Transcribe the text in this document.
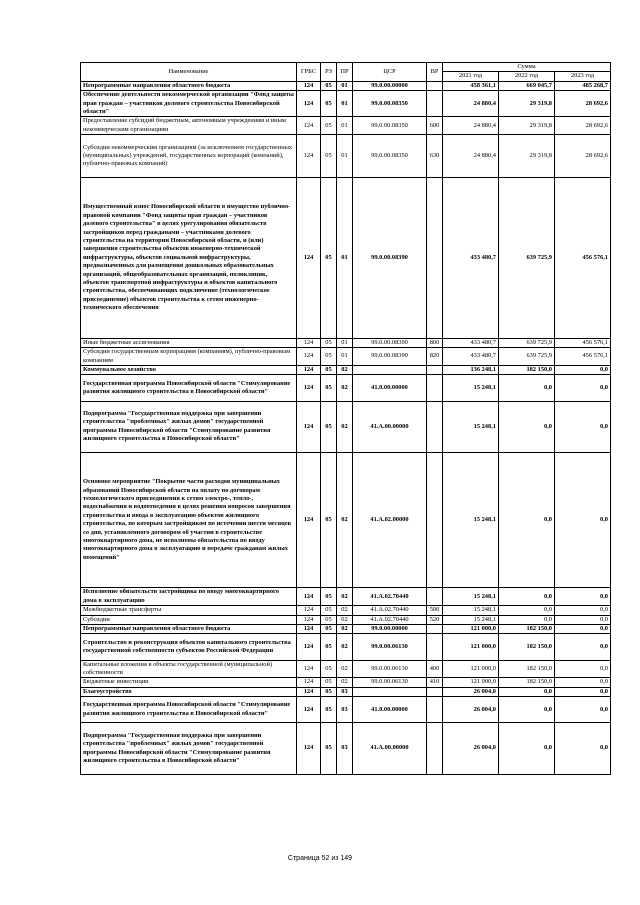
Наименование	ГРБС	РЗ	ПР	ЦСР	ВР	Сумма		
						2021 год	2022 год	2023 год
Непрограммные направления областного бюджета	124	05	01	99.0.00.00000		458 361,1	669 045,7	485 268,7
Обеспечение деятельности некоммерческой организации "Фонд защиты прав граждан – участников долевого строительства Новосибирской области"	124	05	01	99.0.00.08350		24 880,4	29 319,8	28 692,6
Предоставление субсидий бюджетным, автономным учреждениям и иным некоммерческим организациям	124	05	01	99.0.00.08350	600	24 880,4	29 319,8	28 692,6
Субсидии некоммерческим организациям (за исключением государственных (муниципальных) учреждений, государственных корпораций (компаний), публично-правовых компаний)	124	05	01	99.0.00.08350	630	24 880,4	29 319,8	28 692,6
Имущественный взнос Новосибирской области в имущество публично-правовой компании "Фонд защиты прав граждан – участников долевого строительства" в целях урегулирования обязательств застройщиков перед гражданами – участниками долевого строительства на территории Новосибирской области, и (или) завершения строительства объектов инженерно-технической инфраструктуры, объектов социальной инфраструктуры, предназначенных для размещения дошкольных образовательных организаций, общеобразовательных организаций, поликлиник, объектов транспортной инфраструктуры и объектов капитального строительства, обеспечивающих подключение (технологическое присоединение) объектов строительства к сетям инженерно-технического обеспечения	124	05	01	99.0.00.08390		433 480,7	639 725,9	456 576,1
Иные бюджетные ассигнования	124	05	01	99.0.00.08390	800	433 480,7	639 725,9	456 576,1
Субсидии государственным корпорациям (компаниям), публично-правовым компаниям	124	05	01	99.0.00.08390	820	433 480,7	639 725,9	456 576,1
Коммунальное хозяйство	124	05	02			136 248,1	182 150,0	0,0
Государственная программа Новосибирской области "Стимулирование развития жилищного строительства в Новосибирской области"	124	05	02	41.0.00.00000		15 248,1	0,0	0,0
Подпрограмма "Государственная поддержка при завершении строительства "проблемных" жилых домов" государственной программы Новосибирской области "Стимулирование развития жилищного строительства в Новосибирской области"	124	05	02	41.А.00.00000		15 248,1	0,0	0,0
Основное мероприятие "Покрытие части расходов муниципальных образований Новосибирской области на оплату по договорам технологического присоединения к сетям электро-, тепло-, водоснабжения и водоотведения в целях решения вопросов завершения строительства и ввода в эксплуатацию объектов жилищного строительства, по которым застройщиком по истечении шести месяцев со дня, установленного договором об участии в строительстве многоквартирного дома, не исполнены обязательства по вводу многоквартирного дома в эксплуатацию и передаче гражданам жилых помещений"	124	05	02	41.А.02.00000		15 248,1	0,0	0,0
Исполнение обязательств застройщика по вводу многоквартирного дома в эксплуатацию	124	05	02	41.А.02.70440		15 248,1	0,0	0,0
Межбюджетные трансферты	124	05	02	41.А.02.70440	500	15 248,1	0,0	0,0
Субсидии	124	05	02	41.А.02.70440	520	15 248,1	0,0	0,0
Непрограммные направления областного бюджета	124	05	02	99.0.00.00000		121 000,0	182 150,0	0,0
Строительство и реконструкция объектов капитального строительства государственной собственности субъектов Российской Федерации	124	05	02	99.0.00.06130		121 000,0	182 150,0	0,0
Капитальные вложения в объекты государственной (муниципальной) собственности	124	05	02	99.0.00.06130	400	121 000,0	182 150,0	0,0
Бюджетные инвестиции	124	05	02	99.0.00.06130	410	121 000,0	182 150,0	0,0
Благоустройство	124	05	03			26 004,0	0,0	0,0
Государственная программа Новосибирской области "Стимулирование развития жилищного строительства в Новосибирской области"	124	05	03	41.0.00.00000		26 004,0	0,0	0,0
Подпрограмма "Государственная поддержка при завершении строительства "проблемных" жилых домов" государственной программы Новосибирской области "Стимулирование развития жилищного строительства в Новосибирской области"	124	05	03	41.А.00.00000		26 004,0	0,0	0,0
Страница 52 из 149
